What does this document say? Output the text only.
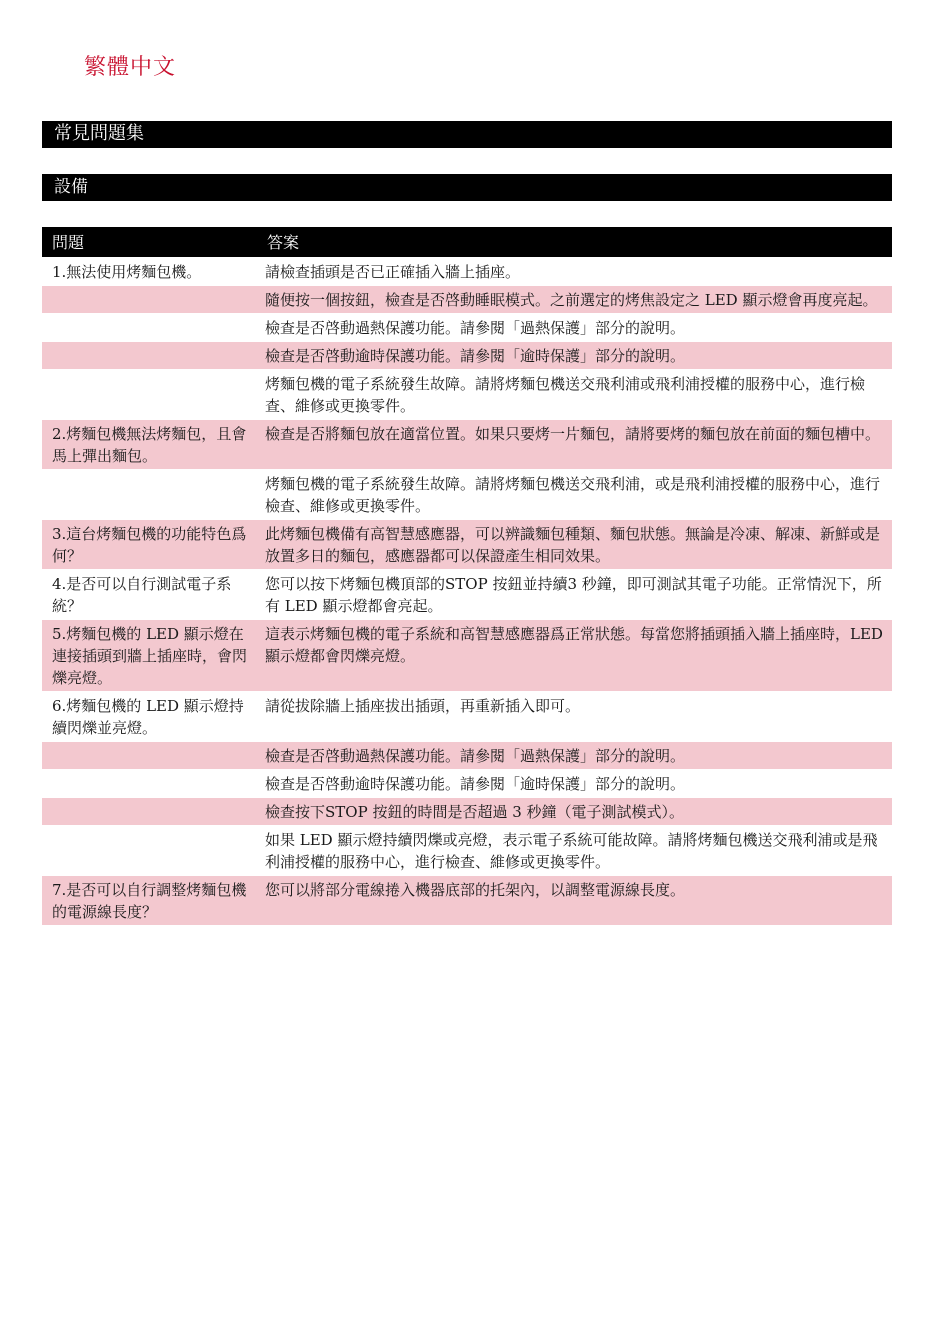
繁體中文
常見問題集
設備
問題	答案
1.無法使用烤麵包機。	請檢查插頭是否已正確插入牆上插座。
	隨便按一個按鈕，檢查是否啓動睡眠模式。之前選定的烤焦設定之 LED 顯示燈會再度亮起。
	檢查是否啓動過熱保護功能。請參閱「過熱保護」部分的說明。
	檢查是否啓動逾時保護功能。請參閱「逾時保護」部分的說明。
	烤麵包機的電子系統發生故障。請將烤麵包機送交飛利浦或飛利浦授權的服務中心，進行檢查、維修或更換零件。
2.烤麵包機無法烤麵包，且會馬上彈出麵包。	檢查是否將麵包放在適當位置。如果只要烤一片麵包，請將要烤的麵包放在前面的麵包槽中。
	烤麵包機的電子系統發生故障。請將烤麵包機送交飛利浦，或是飛利浦授權的服務中心，進行檢查、維修或更換零件。
3.這台烤麵包機的功能特色爲何？	此烤麵包機備有高智慧感應器，可以辨識麵包種類、麵包狀態。無論是冷凍、解凍、新鮮或是放置多日的麵包，感應器都可以保證產生相同效果。
4.是否可以自行測試電子系統？	您可以按下烤麵包機頂部的STOP 按鈕並持續3 秒鐘，即可測試其電子功能。正常情況下，所有 LED 顯示燈都會亮起。
5.烤麵包機的 LED 顯示燈在連接插頭到牆上插座時，會閃爍亮燈。	這表示烤麵包機的電子系統和高智慧感應器爲正常狀態。每當您將插頭插入牆上插座時，LED顯示燈都會閃爍亮燈。
6.烤麵包機的 LED 顯示燈持續閃爍並亮燈。	請從拔除牆上插座拔出插頭，再重新插入即可。
	檢查是否啓動過熱保護功能。請參閱「過熱保護」部分的說明。
	檢查是否啓動逾時保護功能。請參閱「逾時保護」部分的說明。
	檢查按下STOP 按鈕的時間是否超過 3 秒鐘（電子測試模式）。
	如果 LED 顯示燈持續閃爍或亮燈，表示電子系統可能故障。請將烤麵包機送交飛利浦或是飛利浦授權的服務中心，進行檢查、維修或更換零件。
7.是否可以自行調整烤麵包機的電源線長度？	您可以將部分電線捲入機器底部的托架內，以調整電源線長度。
